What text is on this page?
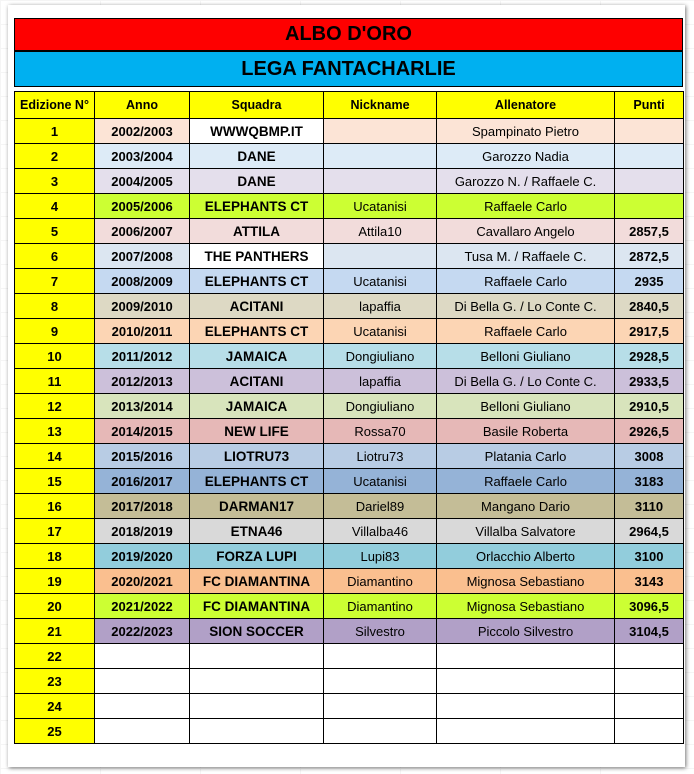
ALBO D'ORO
LEGA FANTACHARLIE
Edizione N°	Anno	Squadra	Nickname	Allenatore	Punti
1	2002/2003	WWWQBMP.IT		Spampinato Pietro	
2	2003/2004	DANE		Garozzo Nadia	
3	2004/2005	DANE		Garozzo N. / Raffaele C.	
4	2005/2006	ELEPHANTS CT	Ucatanisi	Raffaele Carlo	
5	2006/2007	ATTILA	Attila10	Cavallaro Angelo	2857,5
6	2007/2008	THE PANTHERS		Tusa M. / Raffaele C.	2872,5
7	2008/2009	ELEPHANTS CT	Ucatanisi	Raffaele Carlo	2935
8	2009/2010	ACITANI	lapaffia	Di Bella G. / Lo Conte C.	2840,5
9	2010/2011	ELEPHANTS CT	Ucatanisi	Raffaele Carlo	2917,5
10	2011/2012	JAMAICA	Dongiuliano	Belloni Giuliano	2928,5
11	2012/2013	ACITANI	lapaffia	Di Bella G. / Lo Conte C.	2933,5
12	2013/2014	JAMAICA	Dongiuliano	Belloni Giuliano	2910,5
13	2014/2015	NEW LIFE	Rossa70	Basile Roberta	2926,5
14	2015/2016	LIOTRU73	Liotru73	Platania Carlo	3008
15	2016/2017	ELEPHANTS CT	Ucatanisi	Raffaele Carlo	3183
16	2017/2018	DARMAN17	Dariel89	Mangano Dario	3110
17	2018/2019	ETNA46	Villalba46	Villalba Salvatore	2964,5
18	2019/2020	FORZA LUPI	Lupi83	Orlacchio Alberto	3100
19	2020/2021	FC DIAMANTINA	Diamantino	Mignosa Sebastiano	3143
20	2021/2022	FC DIAMANTINA	Diamantino	Mignosa Sebastiano	3096,5
21	2022/2023	SION SOCCER	Silvestro	Piccolo Silvestro	3104,5
22					
23					
24					
25					
